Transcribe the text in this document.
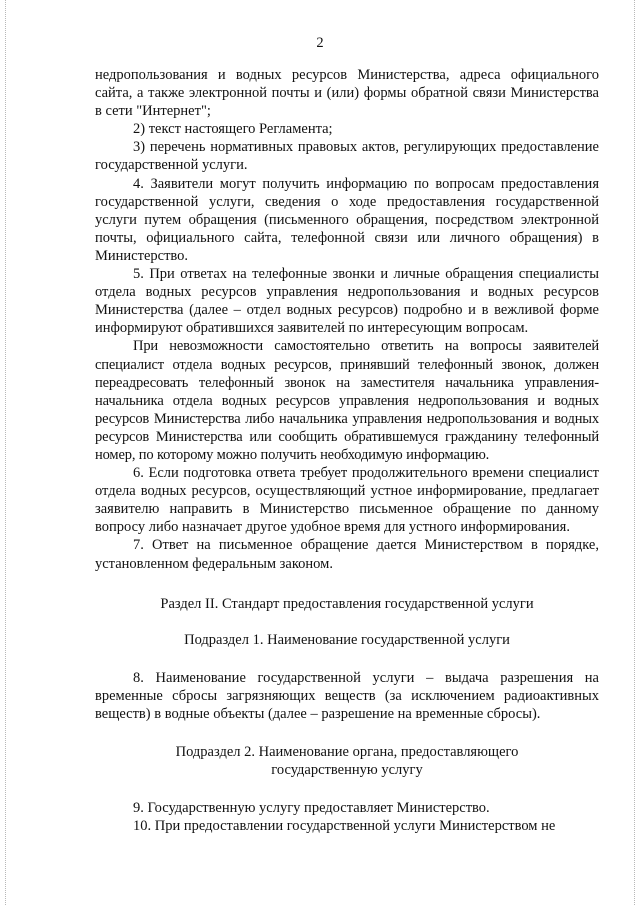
2

недропользования и водных ресурсов Министерства, адреса официального сайта, а также электронной почты и (или) формы обратной связи Министерства в сети "Интернет";

2) текст настоящего Регламента;

3) перечень нормативных правовых актов, регулирующих предоставление государственной услуги.

4. Заявители могут получить информацию по вопросам предоставления государственной услуги, сведения о ходе предоставления государственной услуги путем обращения (письменного обращения, посредством электронной почты, официального сайта, телефонной связи или личного обращения) в Министерство.

5. При ответах на телефонные звонки и личные обращения специалисты отдела водных ресурсов управления недропользования и водных ресурсов Министерства (далее – отдел водных ресурсов) подробно и в вежливой форме информируют обратившихся заявителей по интересующим вопросам.

При невозможности самостоятельно ответить на вопросы заявителей специалист отдела водных ресурсов, принявший телефонный звонок, должен переадресовать телефонный звонок на заместителя начальника управления-начальника отдела водных ресурсов управления недропользования и водных ресурсов Министерства либо начальника управления недропользования и водных ресурсов Министерства или сообщить обратившемуся гражданину телефонный номер, по которому можно получить необходимую информацию.

6. Если подготовка ответа требует продолжительного времени специалист отдела водных ресурсов, осуществляющий устное информирование, предлагает заявителю направить в Министерство письменное обращение по данному вопросу либо назначает другое удобное время для устного информирования.

7. Ответ на письменное обращение дается Министерством в порядке, установленном федеральным законом.

Раздел II. Стандарт предоставления государственной услуги

Подраздел 1. Наименование государственной услуги

8. Наименование государственной услуги – выдача разрешения на временные сбросы загрязняющих веществ (за исключением радиоактивных веществ) в водные объекты (далее – разрешение на временные сбросы).

Подраздел 2. Наименование органа, предоставляющего государственную услугу

9. Государственную услугу предоставляет Министерство.

10. При предоставлении государственной услуги Министерством не
